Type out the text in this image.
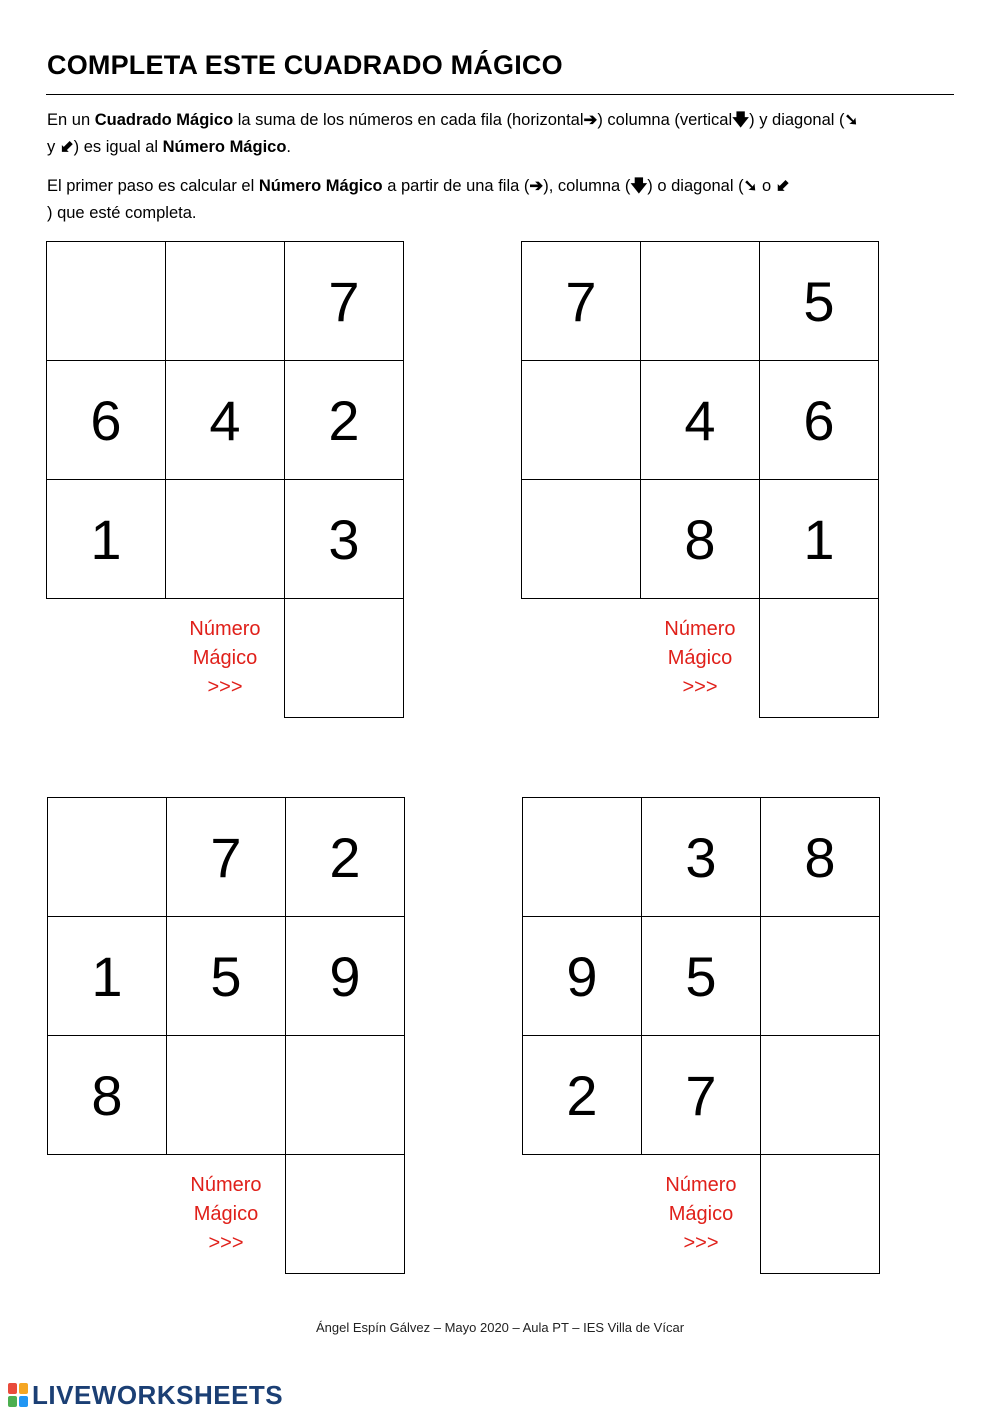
COMPLETA ESTE CUADRADO MÁGICO
En un Cuadrado Mágico la suma de los números en cada fila (horizontal➔) columna (vertical🡇) y diagonal (➘
y ⬋) es igual al Número Mágico.
El primer paso es calcular el Número Mágico a partir de una fila (➔), columna (🡇) o diagonal (➘ o ⬋
) que esté completa.
7
6 4 2
1	3
Número
Mágico
>>>
7	5
4 6
8 1
Número
Mágico
>>>
7 2
1 5 9
8
Número
Mágico
>>>
3 8
9 5
2 7
Número
Mágico
>>>
Ángel Espín Gálvez – Mayo 2020 – Aula PT – IES Villa de Vícar
LIVEWORKSHEETS
